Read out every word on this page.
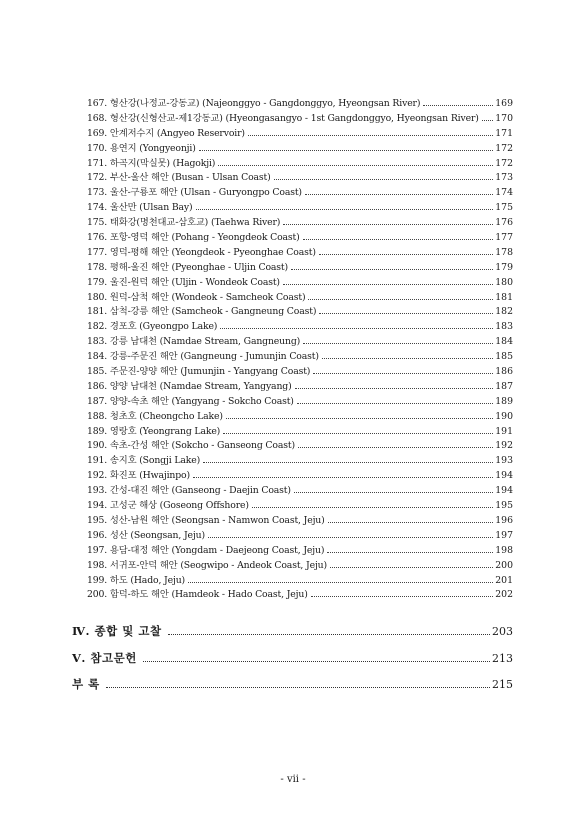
167. 형산강(나정교-강동교) (Najeonggyo - Gangdonggyo, Hyeongsan River)	169
168. 형산강(신형산교-제1강동교) (Hyeongasangyo - 1st Gangdonggyo, Hyeongsan River) 170
169. 안계저수지 (Angyeo Reservoir)	171
170. 용연지 (Yongyeonji)	172
171. 하곡지(막실못) (Hagokji)	172
172. 부산-울산 해안 (Busan - Ulsan Coast)	173
173. 울산-구룡포 해안 (Ulsan - Guryongpo Coast)	174
174. 울산만 (Ulsan Bay)	175
175. 태화강(명천대교-삼호교) (Taehwa River)	176
176. 포항-영덕 해안 (Pohang - Yeongdeok Coast)	177
177. 영덕-평해 해안 (Yeongdeok - Pyeonghae Coast)	178
178. 평해-울진 해안 (Pyeonghae - Uljin Coast)	179
179. 울진-원덕 해안 (Uljin - Wondeok Coast)	180
180. 원덕-삼척 해안 (Wondeok - Samcheok Coast)	181
181. 삼척-강릉 해안 (Samcheok - Gangneung Coast)	182
182. 경포호 (Gyeongpo Lake)	183
183. 강릉 남대천 (Namdae Stream, Gangneung)	184
184. 강릉-주문진 해안 (Gangneung - Jumunjin Coast)	185
185. 주문진-양양 해안 (Jumunjin - Yangyang Coast)	186
186. 양양 남대천 (Namdae Stream, Yangyang)	187
187. 양양-속초 해안 (Yangyang - Sokcho Coast)	189
188. 청초호 (Cheongcho Lake)	190
189. 영랑호 (Yeongrang Lake)	191
190. 속초-간성 해안 (Sokcho - Ganseong Coast)	192
191. 송지호 (Songji Lake)	193
192. 화진포 (Hwajinpo)	194
193. 간성-대진 해안 (Ganseong - Daejin Coast)	194
194. 고성군 해상 (Goseong Offshore)	195
195. 성산-남원 해안 (Seongsan - Namwon Coast, Jeju)	196
196. 성산 (Seongsan, Jeju)	197
197. 용담-대정 해안 (Yongdam - Daejeong Coast, Jeju)	198
198. 서귀포-안덕 해안 (Seogwipo - Andeok Coast, Jeju)	200
199. 하도 (Hado, Jeju)	201
200. 함덕-하도 해안 (Hamdeok - Hado Coast, Jeju)	202
Ⅳ. 종합 및 고찰	203
Ⅴ. 참고문헌	213
부 록	215
- vii -
